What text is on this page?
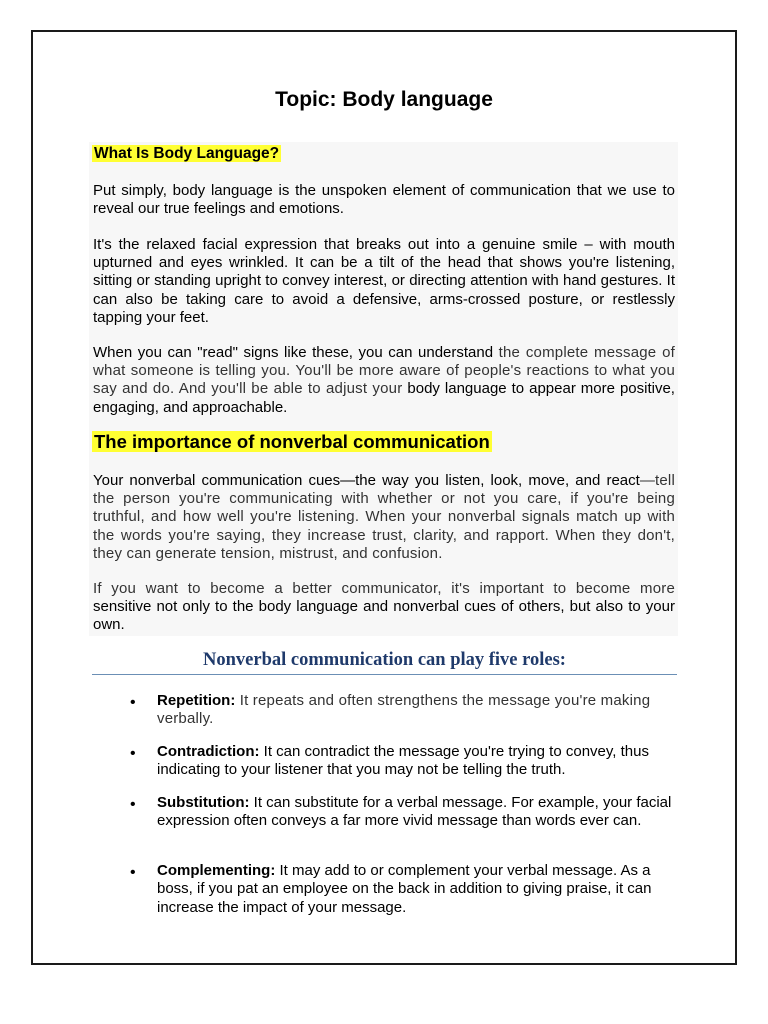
Topic: Body language
What Is Body Language?
Put simply, body language is the unspoken element of communication that we use to reveal our true feelings and emotions.
It's the relaxed facial expression that breaks out into a genuine smile – with mouth upturned and eyes wrinkled. It can be a tilt of the head that shows you're listening, sitting or standing upright to convey interest, or directing attention with hand gestures. It can also be taking care to avoid a defensive, arms-crossed posture, or restlessly tapping your feet.
When you can "read" signs like these, you can understand the complete message of what someone is telling you. You'll be more aware of people's reactions to what you say and do. And you'll be able to adjust your body language to appear more positive, engaging, and approachable.
The importance of nonverbal communication
Your nonverbal communication cues—the way you listen, look, move, and react—tell the person you're communicating with whether or not you care, if you're being truthful, and how well you're listening. When your nonverbal signals match up with the words you're saying, they increase trust, clarity, and rapport. When they don't, they can generate tension, mistrust, and confusion.
If you want to become a better communicator, it's important to become more sensitive not only to the body language and nonverbal cues of others, but also to your own.
Nonverbal communication can play five roles:
• Repetition: It repeats and often strengthens the message you're making verbally.
• Contradiction: It can contradict the message you're trying to convey, thus indicating to your listener that you may not be telling the truth.
• Substitution: It can substitute for a verbal message. For example, your facial expression often conveys a far more vivid message than words ever can.
• Complementing: It may add to or complement your verbal message. As a boss, if you pat an employee on the back in addition to giving praise, it can increase the impact of your message.
